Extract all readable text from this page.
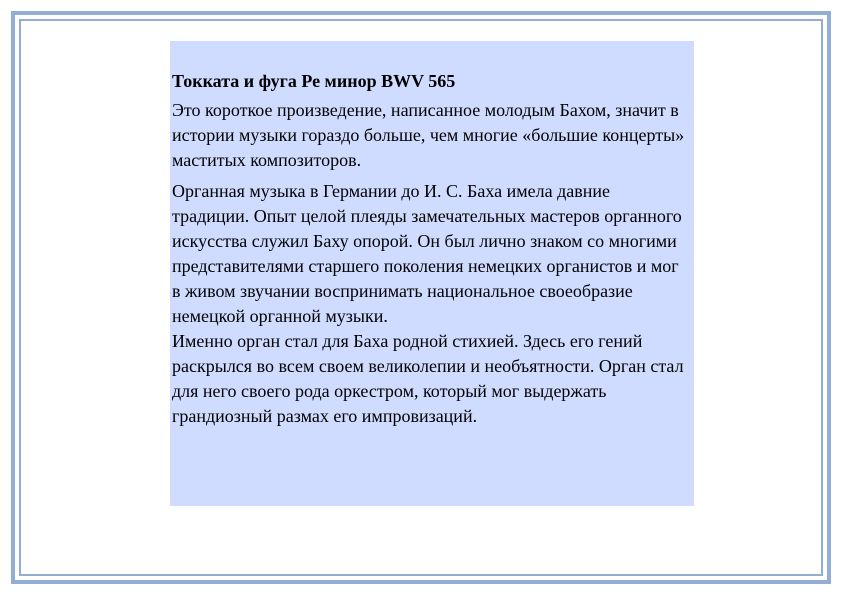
Токката и фуга Ре минор BWV 565

Это короткое произведение, написанное молодым Бахом, значит в истории музыки гораздо больше, чем многие «большие концерты» маститых композиторов.

Органная музыка в Германии до И. С. Баха имела давние традиции. Опыт целой плеяды замечательных мастеров органного искусства служил Баху опорой. Он был лично знаком со многими представителями старшего поколения немецких органистов и мог в живом звучании воспринимать национальное своеобразие немецкой органной музыки.

Именно орган стал для Баха родной стихией. Здесь его гений раскрылся во всем своем великолепии и необъятности. Орган стал для него своего рода оркестром, который мог выдержать грандиозный размах его импровизаций.
